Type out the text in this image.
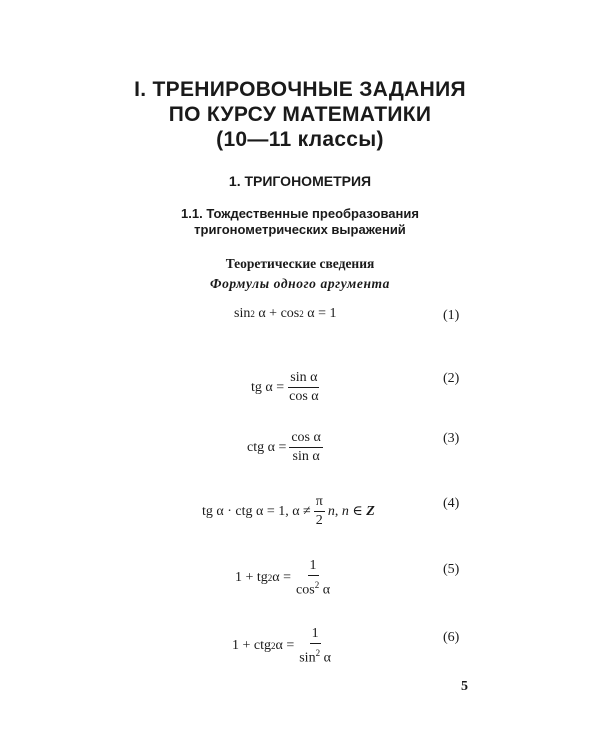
I. ТРЕНИРОВОЧНЫЕ ЗАДАНИЯ
ПО КУРСУ МАТЕМАТИКИ
(10—11 классы)
1. ТРИГОНОМЕТРИЯ
1.1. Тождественные преобразования
тригонометрических выражений
Теоретические сведения
Формулы одного аргумента
sin 2 α + cos 2 α = 1	(1)
tg $\alpha = \frac{\text{sin α}}{\text{cos α}}$	(2)
ctg $\alpha = \frac{\text{cos α}}{\text{sin α}}$	(3)
tg α · ctg α = 1, $\alpha \ne \frac{\pi}{2}$ n , n ∈ Z	(4)
1 + tg 2 $\alpha = \frac{1}{\cos^2 \alpha}$	(5)
1 + ctg 2 $\alpha = \frac{1}{\sin^2 \alpha}$	(6)
5
